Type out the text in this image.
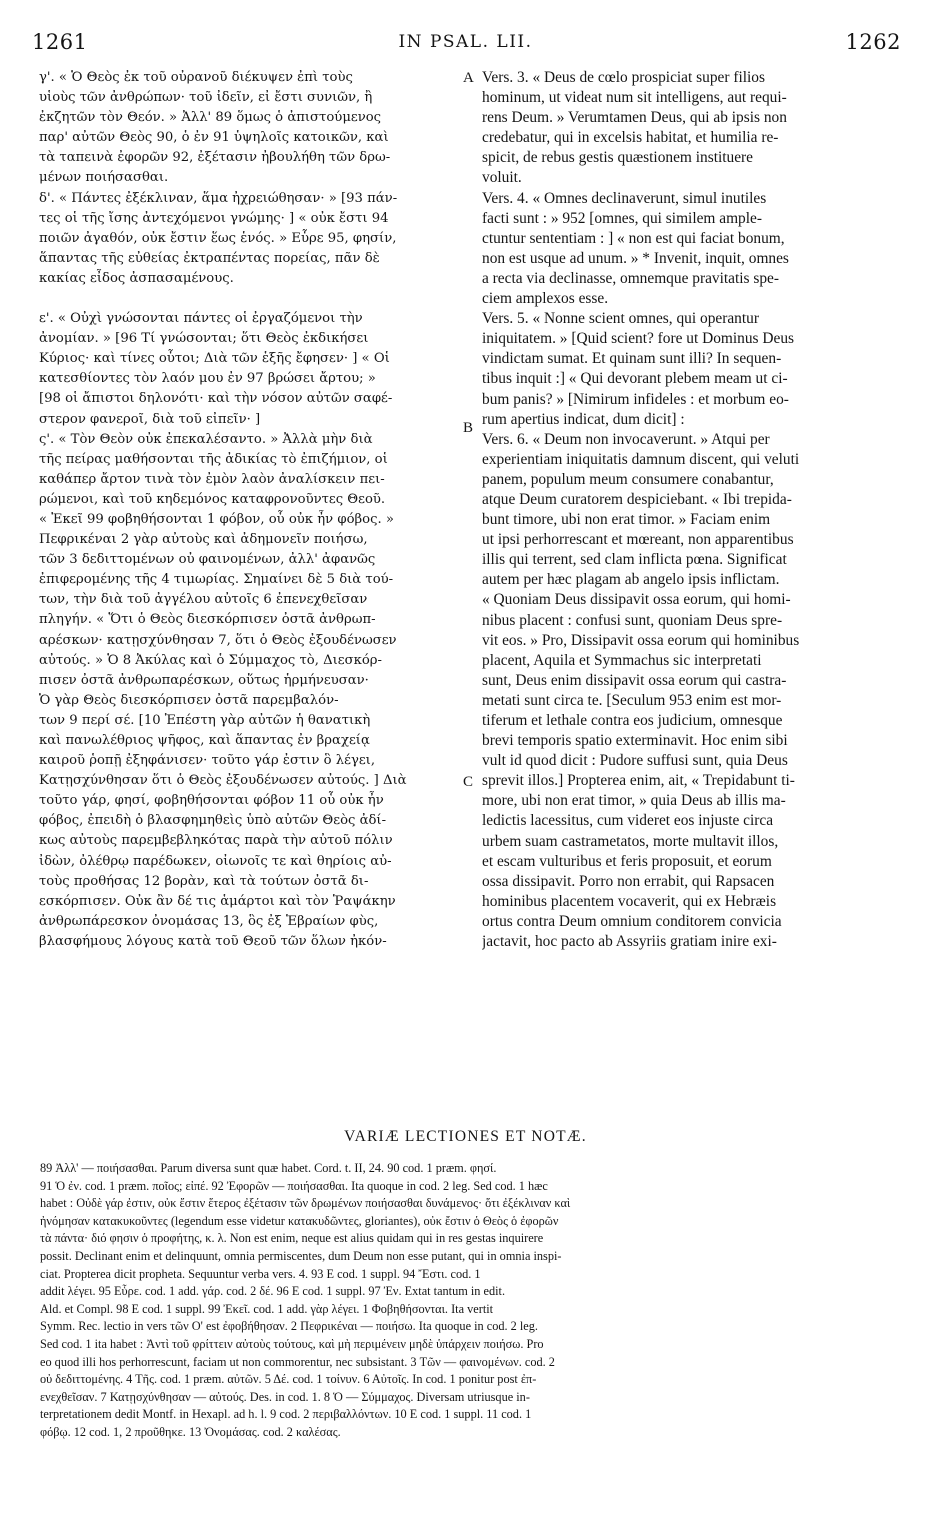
1261	IN PSAL. LII.	1262
γ'. « Ὁ Θεὸς ἐκ τοῦ οὐρανοῦ διέκυψεν ἐπὶ τοὺς
υἱοὺς τῶν ἀνθρώπων· τοῦ ἰδεῖν, εἰ ἔστι συνιῶν, ἢ
ἐκζητῶν τὸν Θεόν. » Ἀλλ' 89 ὅμως ὁ ἀπιστούμενος
παρ' αὐτῶν Θεὸς 90, ὁ ἐν 91 ὑψηλοῖς κατοικῶν, καὶ
τὰ ταπεινὰ ἐφορῶν 92, ἐξέτασιν ἠβουλήθη τῶν δρω-
μένων ποιήσασθαι.
δ'. « Πάντες ἐξέκλιναν, ἅμα ἠχρειώθησαν· » [93 πάν-
τες οἱ τῆς ἴσης ἀντεχόμενοι γνώμης· ] « οὐκ ἔστι 94
ποιῶν ἀγαθόν, οὐκ ἔστιν ἕως ἑνός. » Εὗρε 95, φησίν,
ἅπαντας τῆς εὐθείας ἐκτραπέντας πορείας, πᾶν δὲ
κακίας εἶδος ἀσπασαμένους.
ε'. « Οὐχὶ γνώσονται πάντες οἱ ἐργαζόμενοι τὴν
ἀνομίαν. » [96 Τί γνώσονται; ὅτι Θεὸς ἐκδικήσει
Κύριος· καὶ τίνες οὗτοι; Διὰ τῶν ἑξῆς ἔφησεν· ] « Οἱ
κατεσθίοντες τὸν λαόν μου ἐν 97 βρώσει ἄρτου; »
[98 οἱ ἄπιστοι δηλονότι· καὶ τὴν νόσον αὐτῶν σαφέ-
στερον φανεροῖ, διὰ τοῦ εἰπεῖν· ]
ς'. « Τὸν Θεὸν οὐκ ἐπεκαλέσαντο. » Ἀλλὰ μὴν διὰ
τῆς πείρας μαθήσονται τῆς ἀδικίας τὸ ἐπιζήμιον, οἱ
καθάπερ ἄρτον τινὰ τὸν ἐμὸν λαὸν ἀναλίσκειν πει-
ρώμενοι, καὶ τοῦ κηδεμόνος καταφρονοῦντες Θεοῦ.
« Ἐκεῖ 99 φοβηθήσονται 1 φόβον, οὗ οὐκ ἦν φόβος. »
Πεφρικέναι 2 γὰρ αὐτοὺς καὶ ἀδημονεῖν ποιήσω,
τῶν 3 δεδιττομένων οὐ φαινομένων, ἀλλ' ἀφανῶς
ἐπιφερομένης τῆς 4 τιμωρίας. Σημαίνει δὲ 5 διὰ τού-
των, τὴν διὰ τοῦ ἀγγέλου αὐτοῖς 6 ἐπενεχθεῖσαν
πληγήν. « Ὅτι ὁ Θεὸς διεσκόρπισεν ὀστᾶ ἀνθρωπ-
αρέσκων· κατῃσχύνθησαν 7, ὅτι ὁ Θεὸς ἐξουδένωσεν
αὐτούς. » Ὁ 8 Ἀκύλας καὶ ὁ Σύμμαχος τὸ, Διεσκόρ-
πισεν ὀστᾶ ἀνθρωπαρέσκων, οὕτως ἡρμήνευσαν·
Ὁ γὰρ Θεὸς διεσκόρπισεν ὀστᾶ παρεμβαλόν-
των 9 περί σέ. [10 Ἐπέστη γὰρ αὐτῶν ἡ θανατικὴ
καὶ πανωλέθριος ψῆφος, καὶ ἅπαντας ἐν βραχείᾳ
καιροῦ ῥοπῇ ἐξηφάνισεν· τοῦτο γάρ ἐστιν ὃ λέγει,
Κατῃσχύνθησαν ὅτι ὁ Θεὸς ἐξουδένωσεν αὐτούς. ] Διὰ
τοῦτο γάρ, φησί, φοβηθήσονται φόβον 11 οὗ οὐκ ἦν
φόβος, ἐπειδὴ ὁ βλασφημηθεὶς ὑπὸ αὐτῶν Θεὸς ἀδί-
κως αὐτοὺς παρεμβεβληκότας παρὰ τὴν αὐτοῦ πόλιν
ἰδὼν, ὀλέθρῳ παρέδωκεν, οἰωνοῖς τε καὶ θηρίοις αὐ-
τοὺς προθήσας 12 βορὰν, καὶ τὰ τούτων ὀστᾶ δι-
εσκόρπισεν. Οὐκ ἂν δέ τις ἁμάρτοι καὶ τὸν Ῥαψάκην
ἀνθρωπάρεσκον ὀνομάσας 13, ὃς ἐξ Ἑβραίων φὺς,
βλασφήμους λόγους κατὰ τοῦ Θεοῦ τῶν ὅλων ἠκόν-
Vers. 3. « Deus de cœlo prospiciat super filios
hominum, ut videat num sit intelligens, aut requi-
rens Deum. » Verumtamen Deus, qui ab ipsis non
credebatur, qui in excelsis habitat, et humilia re-
spicit, de rebus gestis quæstionem instituere
voluit.
Vers. 4. « Omnes declinaverunt, simul inutiles
facti sunt : » 952 [omnes, qui similem ample-
ctuntur sententiam : ] « non est qui faciat bonum,
non est usque ad unum. » * Invenit, inquit, omnes
a recta via declinasse, omnemque pravitatis spe-
ciem amplexos esse.
Vers. 5. « Nonne scient omnes, qui operantur
iniquitatem. » [Quid scient? fore ut Dominus Deus
vindictam sumat. Et quinam sunt illi? In sequen-
tibus inquit :] « Qui devorant plebem meam ut ci-
bum panis? » [Nimirum infideles : et morbum eo-
rum apertius indicat, dum dicit] :
Vers. 6. « Deum non invocaverunt. » Atqui per
experientiam iniquitatis damnum discent, qui veluti
panem, populum meum consumere conabantur,
atque Deum curatorem despiciebant. « Ibi trepida-
bunt timore, ubi non erat timor. » Faciam enim
ut ipsi perhorrescant et mœreant, non apparentibus
illis qui terrent, sed clam inflicta pœna. Significat
autem per hæc plagam ab angelo ipsis inflictam.
« Quoniam Deus dissipavit ossa eorum, qui homi-
nibus placent : confusi sunt, quoniam Deus spre-
vit eos. » Pro, Dissipavit ossa eorum qui hominibus
placent, Aquila et Symmachus sic interpretati
sunt, Deus enim dissipavit ossa eorum qui castra-
metati sunt circa te. [Seculum 953 enim est mor-
tiferum et lethale contra eos judicium, omnesque
brevi temporis spatio exterminavit. Hoc enim sibi
vult id quod dicit : Pudore suffusi sunt, quia Deus
sprevit illos.] Propterea enim, ait, « Trepidabunt ti-
more, ubi non erat timor, » quia Deus ab illis ma-
ledictis lacessitus, cum videret eos injuste circa
urbem suam castrametatos, morte multavit illos,
et escam vulturibus et feris proposuit, et eorum
ossa dissipavit. Porro non errabit, qui Rapsacen
hominibus placentem vocaverit, qui ex Hebræis
ortus contra Deum omnium conditorem convicia
jactavit, hoc pacto ab Assyriis gratiam inire exi-
A
B
C
VARIÆ LECTIONES ET NOTÆ.
89 Ἀλλ' — ποιήσασθαι. Parum diversa sunt quæ habet. Cord. t. II, 24. 90 cod. 1 præm. φησί.
91 Ὁ ἐν. cod. 1 præm. ποῖος; εἰπέ. 92 Ἐφορῶν — ποιήσασθαι. Ita quoque in cod. 2 leg. Sed cod. 1 hæc
habet : Οὐδὲ γάρ ἐστιν, οὐκ ἔστιν ἕτερος ἐξέτασιν τῶν δρωμένων ποιήσασθαι δυνάμενος· ὅτι ἐξέκλιναν καὶ
ἠνόμησαν κατακυκοῦντες (legendum esse videtur κατακυδῶντες, gloriantes), οὐκ ἔστιν ὁ Θεὸς ὁ ἐφορῶν
τὰ πάντα· διό φησιν ὁ προφήτης, κ. λ. Non est enim, neque est alius quidam qui in res gestas inquirere
possit. Declinant enim et delinquunt, omnia permiscentes, dum Deum non esse putant, qui in omnia inspi-
ciat. Propterea dicit propheta. Sequuntur verba vers. 4. 93 E cod. 1 suppl. 94 Ἔστι. cod. 1
addit λέγει. 95 Εὗρε. cod. 1 add. γάρ. cod. 2 δέ. 96 E cod. 1 suppl. 97 Ἐν. Extat tantum in edit.
Ald. et Compl. 98 E cod. 1 suppl. 99 Ἐκεῖ. cod. 1 add. γὰρ λέγει. 1 Φοβηθήσονται. Ita vertit
Symm. Rec. lectio in vers τῶν Ο' est ἐφοβήθησαν. 2 Πεφρικέναι — ποιήσω. Ita quoque in cod. 2 leg.
Sed cod. 1 ita habet : Ἀντὶ τοῦ φρίττειν αὐτοὺς τούτους, καὶ μὴ περιμένειν μηδὲ ὑπάρχειν ποιήσω. Pro
eo quod illi hos perhorrescunt, faciam ut non commorentur, nec subsistant. 3 Τῶν — φαινομένων. cod. 2
οὐ δεδιττομένης. 4 Τῆς. cod. 1 præm. αὐτῶν. 5 Δέ. cod. 1 τοίνυν. 6 Αὐτοῖς. In cod. 1 ponitur post ἐπ-
ενεχθεῖσαν. 7 Κατῃσχύνθησαν — αὐτούς. Des. in cod. 1. 8 Ὁ — Σύμμαχος. Diversam utriusque in-
terpretationem dedit Montf. in Hexapl. ad h. l. 9 cod. 2 περιβαλλόντων. 10 E cod. 1 suppl. 11 cod. 1
φόβῳ. 12 cod. 1, 2 προῦθηκε. 13 Ὀνομάσας. cod. 2 καλέσας.
